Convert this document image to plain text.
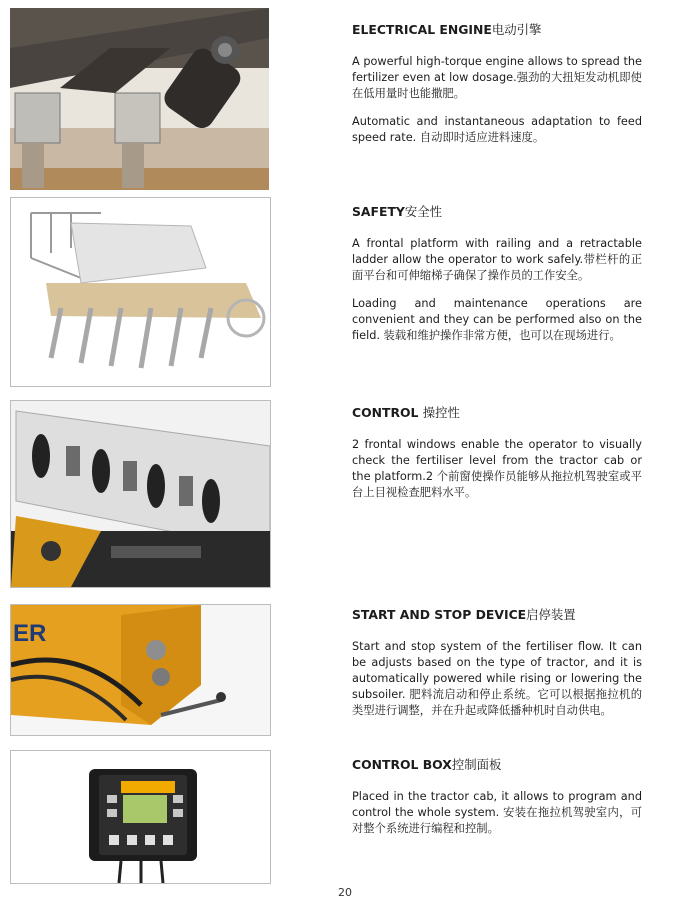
ER
ELECTRICAL ENGINE电动引擎

A powerful high-torque engine allows to spread the fertilizer even at low dosage.强劲的大扭矩发动机即使在低用量时也能撒肥。

Automatic and instantaneous adaptation to feed speed rate. 自动即时适应进料速度。

SAFETY安全性

A frontal platform with railing and a retractable ladder allow the operator to work safely.带栏杆的正面平台和可伸缩梯子确保了操作员的工作安全。

Loading and maintenance operations are convenient and they can be performed also on the field. 装载和维护操作非常方便，也可以在现场进行。

CONTROL 操控性

2 frontal windows enable the operator to visually check the fertiliser level from the tractor cab or the platform.2 个前窗使操作员能够从拖拉机驾驶室或平台上目视检查肥料水平。

START AND STOP DEVICE启停装置

Start and stop system of the fertiliser flow. It can be adjusts based on the type of tractor, and it is automatically powered while rising or lowering the subsoiler. 肥料流启动和停止系统。它可以根据拖拉机的类型进行调整，并在升起或降低播种机时自动供电。

CONTROL BOX控制面板

Placed in the tractor cab, it allows to program and control the whole system. 安装在拖拉机驾驶室内，可对整个系统进行编程和控制。

20
